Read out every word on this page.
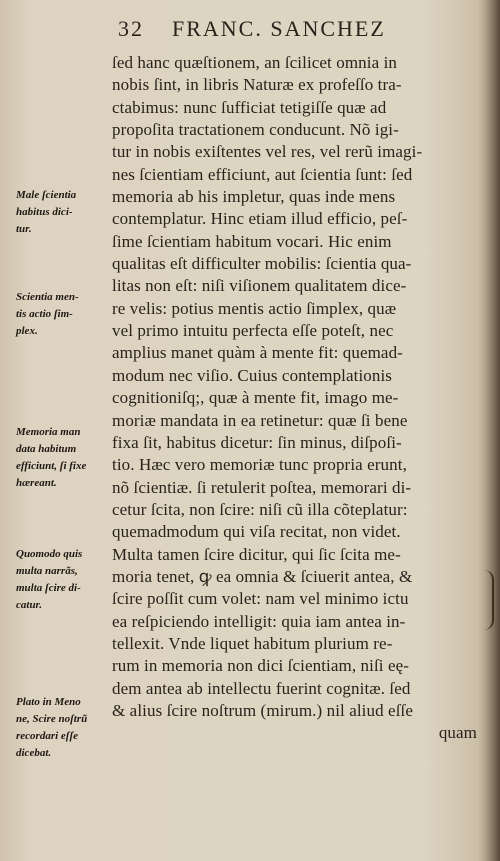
32 FRANC. SANCHEZ
Male ſcientia
habitus dici-
tur.
Scientia men-
tis actio ſim-
plex.
Memoria man
data habitum
efficiunt, ſi fixe
hæreant.
Quomodo quis
multa narrãs,
multa ſcire di-
catur.
Plato in Meno
ne, Scire noſtrũ
recordari eſſe
dicebat.
ſed hanc quæſtionem, an ſcilicet omnia in
nobis ſint, in libris Naturæ ex profeſſo tra-
ctabimus: nunc ſufficiat tetigiſſe quæ ad
propoſita tractationem conducunt. Nõ igi-
tur in nobis exiſtentes vel res, vel rerũ imagi-
nes ſcientiam efficiunt, aut ſcientia ſunt: ſed
memoria ab his impletur, quas inde mens
contemplatur. Hinc etiam illud efficio, peſ-
ſime ſcientiam habitum vocari. Hic enim
qualitas eſt difficulter mobilis: ſcientia qua-
litas non eſt: niſi viſionem qualitatem dice-
re velis: potius mentis actio ſimplex, quæ
vel primo intuitu perfecta eſſe poteſt, nec
amplius manet quàm à mente fit: quemad-
modum nec viſio. Cuius contemplationis
cognitioniſq;, quæ à mente fit, imago me-
moriæ mandata in ea retinetur: quæ ſi bene
fixa ſit, habitus dicetur: ſin minus, diſpoſi-
tio. Hæc vero memoriæ tunc propria erunt,
nõ ſcientiæ. ſi retulerit poſtea, memorari di-
cetur ſcita, non ſcire: niſi cũ illa cõteplatur:
quemadmodum qui viſa recitat, non videt.
Multa tamen ſcire dicitur, qui ſic ſcita me-
moria tenet, ꝙ ea omnia & ſciuerit antea, &
ſcire poſſit cum volet: nam vel minimo ictu
ea reſpiciendo intelligit: quia iam antea in-
tellexit. Vnde liquet habitum plurium re-
rum in memoria non dici ſcientiam, niſi eę-
dem antea ab intellectu fuerint cognitæ. ſed
& alius ſcire noſtrum (mirum.) nil aliud eſſe
quam
